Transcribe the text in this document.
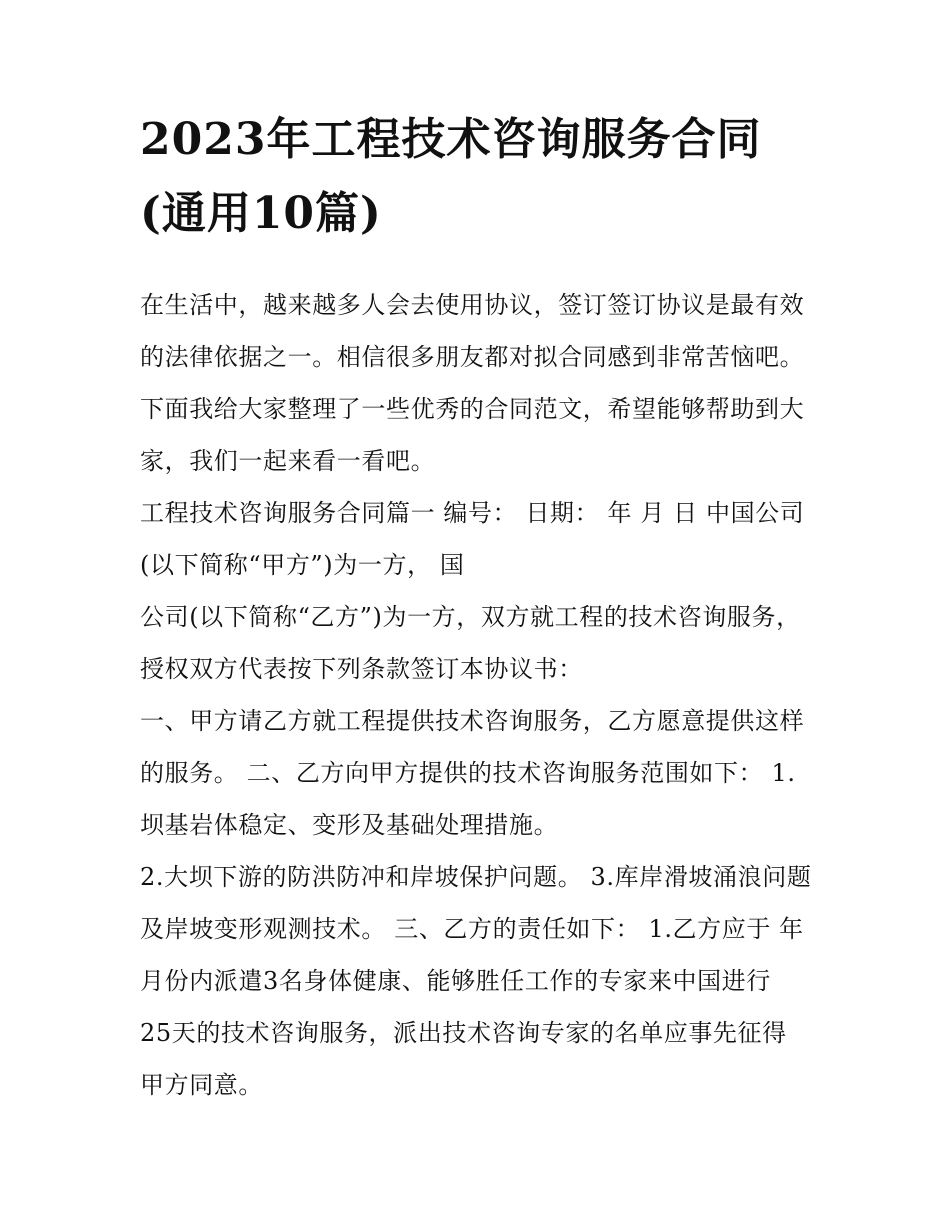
2023年工程技术咨询服务合同
(通用10篇)
在生活中，越来越多人会去使用协议，签订签订协议是最有效
的法律依据之一。相信很多朋友都对拟合同感到非常苦恼吧。
下面我给大家整理了一些优秀的合同范文，希望能够帮助到大
家，我们一起来看一看吧。
工程技术咨询服务合同篇一 编号： 日期： 年 月 日 中国公司
(以下简称“甲方”)为一方， 国
公司(以下简称“乙方”)为一方，双方就工程的技术咨询服务，
授权双方代表按下列条款签订本协议书：
一、甲方请乙方就工程提供技术咨询服务，乙方愿意提供这样
的服务。 二、乙方向甲方提供的技术咨询服务范围如下： 1.
坝基岩体稳定、变形及基础处理措施。
2.大坝下游的防洪防冲和岸坡保护问题。 3.库岸滑坡涌浪问题
及岸坡变形观测技术。 三、乙方的责任如下： 1.乙方应于 年
月份内派遣3名身体健康、能够胜任工作的专家来中国进行
25天的技术咨询服务，派出技术咨询专家的名单应事先征得
甲方同意。
